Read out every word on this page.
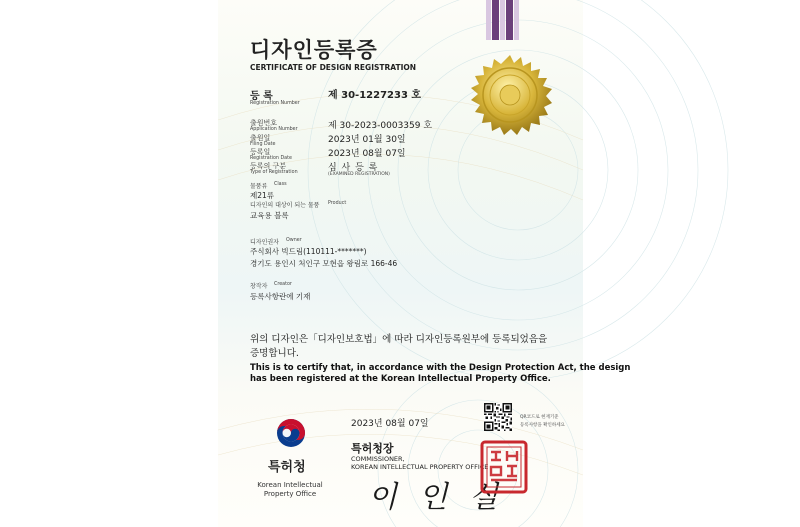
디자인등록증
CERTIFICATE OF DESIGN REGISTRATION
등 록
Registration Number
제 30-1227233 호
출원번호
Application Number	제 30-2023-0003359 호
출원일
Filing Date	2023년 01월 30일
등록일
Registration Date	2023년 08월 07일
등록의 구분
Type of Registration	심 사 등 록
(EXAMINED REGISTRATION)
물품류 Class
제21류
디자인의 대상이 되는 물품 Product
교육용 블록
디자인권자 Owner
주식회사 빅드림(110111-*******)
경기도 용인시 처인구 모현읍 왕림로 166-46
창작자 Creator
등록사항란에 기재
위의 디자인은「디자인보호법」에 따라 디자인등록원부에 등록되었음을
증명합니다.
This is to certify that, in accordance with the Design Protection Act, the design
has been registered at the Korean Intellectual Property Office.
2023년 08월 07일
QR코드로 현재기준
등록사항을 확인하세요
특허청장
COMMISSIONER,
KOREAN INTELLECTUAL PROPERTY OFFICE
이 인 실
특허청
Korean Intellectual
Property Office
